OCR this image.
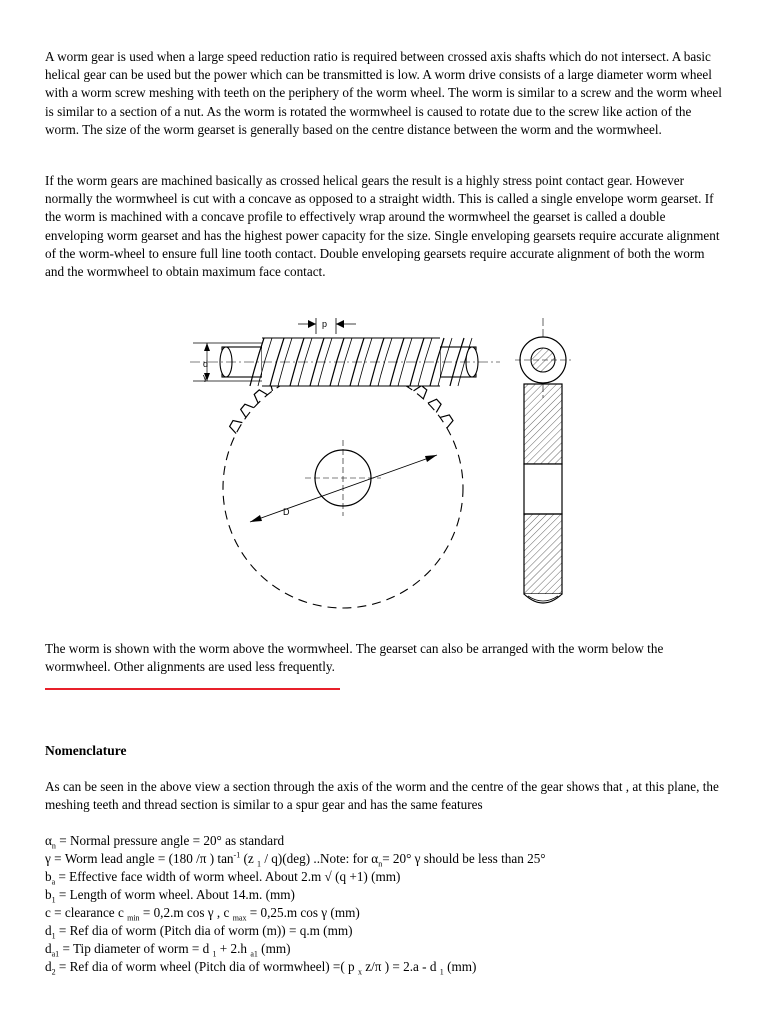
A worm gear is used when a large speed reduction ratio is required between crossed axis shafts which do not intersect. A basic helical gear can be used but the power which can be transmitted is low. A worm drive consists of a large diameter worm wheel with a worm screw meshing with teeth on the periphery of the worm wheel. The worm is similar to a screw and the worm wheel is similar to a section of a nut. As the worm is rotated the wormwheel is caused to rotate due to the screw like action of the worm. The size of the worm gearset is generally based on the centre distance between the worm and the wormwheel.

If the worm gears are machined basically as crossed helical gears the result is a highly stress point contact gear. However normally the wormwheel is cut with a concave as opposed to a straight width. This is called a single envelope worm gearset. If the worm is machined with a concave profile to effectively wrap around the wormwheel the gearset is called a double enveloping worm gearset and has the highest power capacity for the size. Single enveloping gearsets require accurate alignment of the worm-wheel to ensure full line tooth contact. Double enveloping gearsets require accurate alignment of both the worm and the wormwheel to obtain maximum face contact.

D
p
d
γ

The worm is shown with the worm above the wormwheel. The gearset can also be arranged with the worm below the wormwheel. Other alignments are used less frequently.

Nomenclature

As can be seen in the above view a section through the axis of the worm and the centre of the gear shows that , at this plane, the meshing teeth and thread section is similar to a spur gear and has the same features

$\alpha_n$ = Normal pressure angle = 20° as standard
γ = Worm lead angle = (180 /π ) $\tan^{-1} (z$ $_1$ / q)(deg) ..Note: for $\alpha_n= 20^\circ$ γ should be less than 25°
$b_a$ = Effective face width of worm wheel. About 2.m √ (q +1) (mm)
$b_1$ = Length of worm wheel. About 14.m. (mm)
c = clearance c $_{min}$ = 0,2.m cos γ , c $_{max}$ = 0,25.m cos γ (mm)
$d_1$ = Ref dia of worm (Pitch dia of worm (m)) = q.m (mm)
$d_{a1}$ = Tip diameter of worm = d $_1$ + 2.h $_{a1}$ (mm)
$d_2$ = Ref dia of worm wheel (Pitch dia of wormwheel) =( p $_x$ z/π ) = 2.a - d $_1$ (mm)
